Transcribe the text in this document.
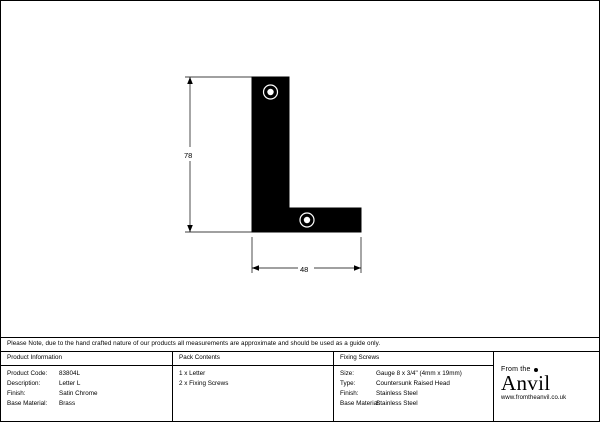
78
48
Please Note, due to the hand crafted nature of our products all measurements are approximate and should be used as a guide only.
Product Information
Product Code:	83804L
Description:	Letter L
Finish:	Satin Chrome
Base Material:	Brass
Pack Contents
1 x Letter
2 x Fixing Screws
Fixing Screws
Size:	Gauge 8 x 3/4" (4mm x 19mm)
Type:	Countersunk Raised Head
Finish:	Stainless Steel
Base Material:
Stainless Steel
From the
Anvil
www.fromtheanvil.co.uk
